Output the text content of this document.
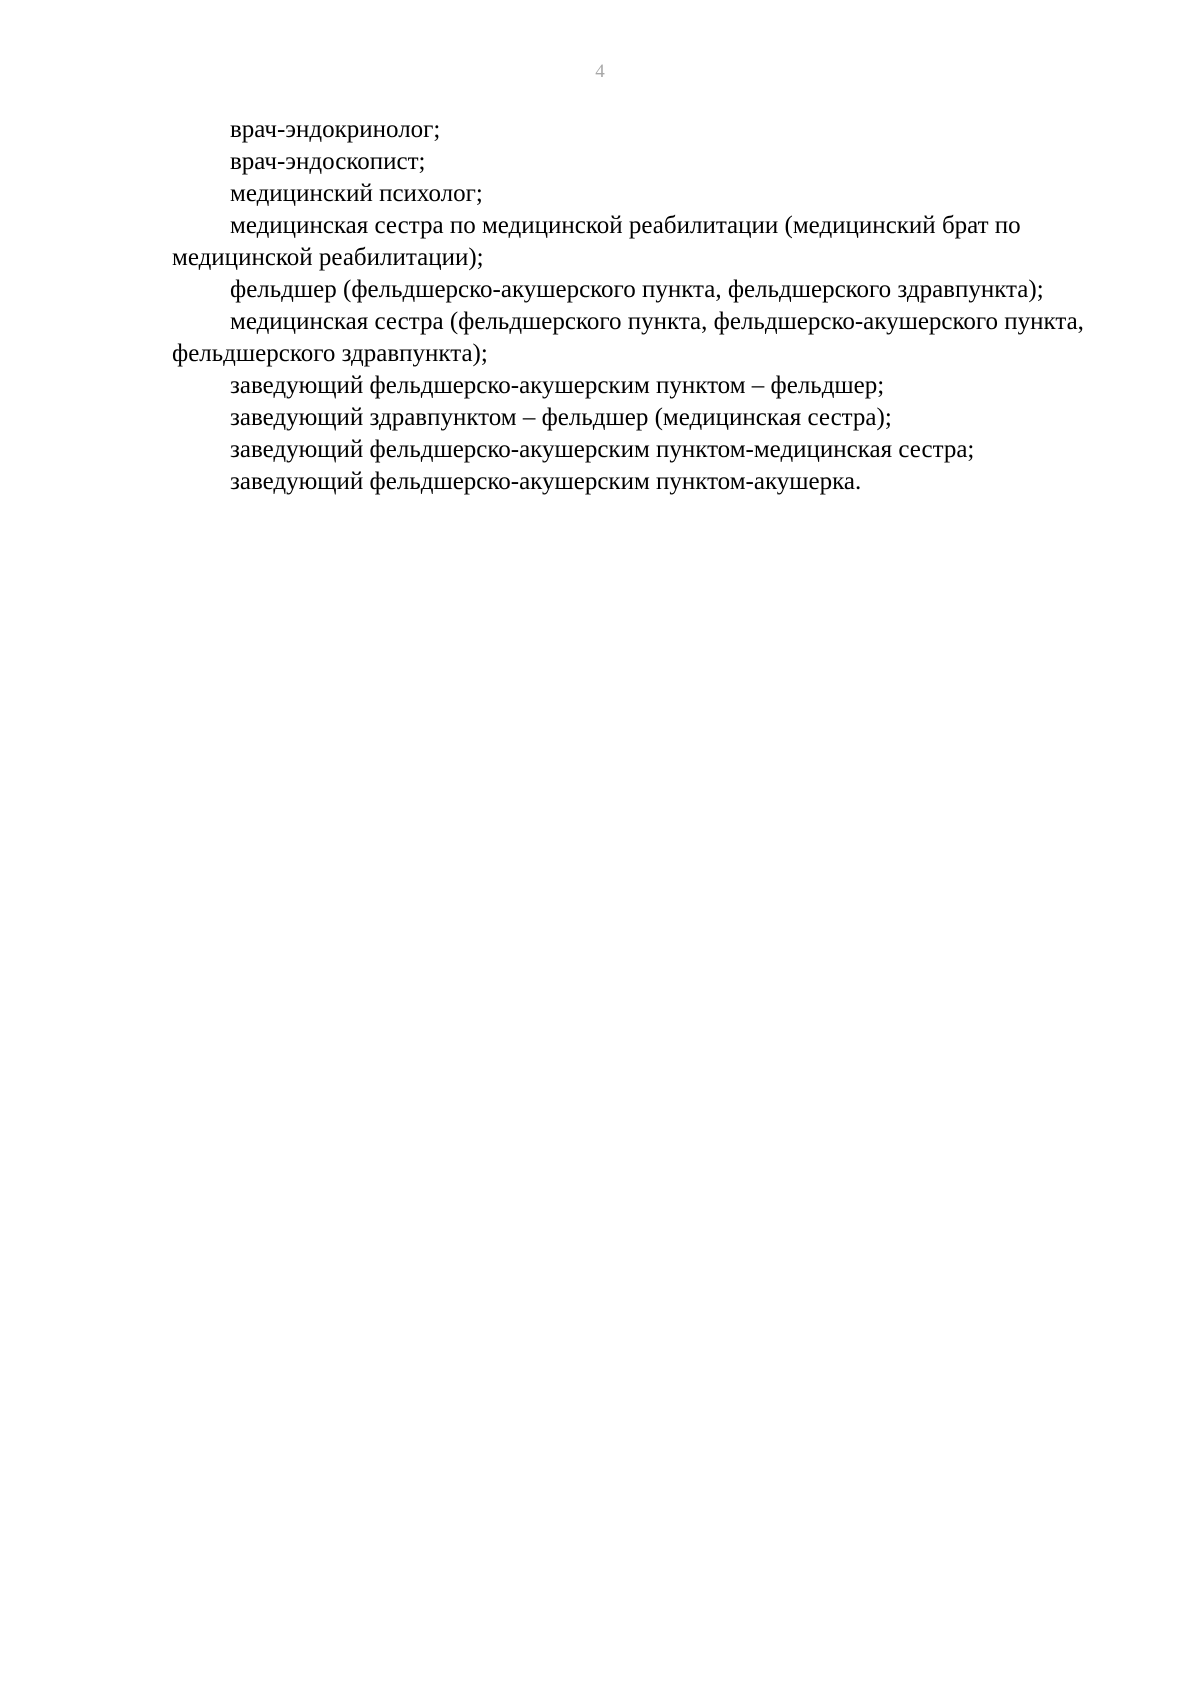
4

врач-эндокринолог;

врач-эндоскопист;

медицинский психолог;

медицинская сестра по медицинской реабилитации (медицинский брат по медицинской реабилитации);

фельдшер (фельдшерско-акушерского пункта, фельдшерского здравпункта);

медицинская сестра (фельдшерского пункта, фельдшерско-акушерского пункта, фельдшерского здравпункта);

заведующий фельдшерско-акушерским пунктом – фельдшер;

заведующий здравпунктом – фельдшер (медицинская сестра);

заведующий фельдшерско-акушерским пунктом-медицинская сестра;

заведующий фельдшерско-акушерским пунктом-акушерка.
